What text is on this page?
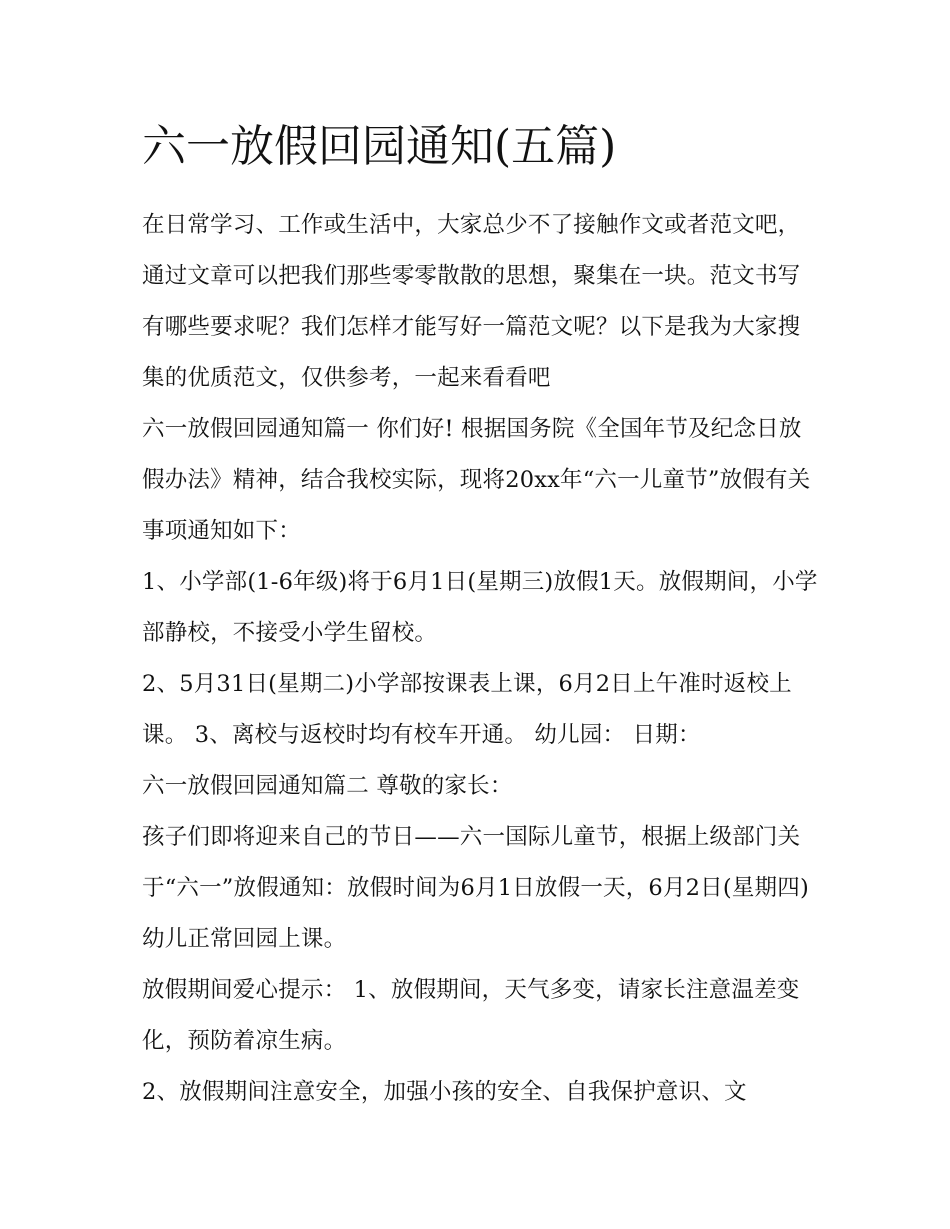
六一放假回园通知(五篇)

在日常学习、工作或生活中，大家总少不了接触作文或者范文吧，通过文章可以把我们那些零零散散的思想，聚集在一块。范文书写有哪些要求呢？我们怎样才能写好一篇范文呢？以下是我为大家搜集的优质范文，仅供参考，一起来看看吧

六一放假回园通知篇一 你们好! 根据国务院《全国年节及纪念日放假办法》精神，结合我校实际，现将20xx年“六一儿童节”放假有关事项通知如下：

1、小学部(1-6年级)将于6月1日(星期三)放假1天。放假期间，小学部静校，不接受小学生留校。

2、5月31日(星期二)小学部按课表上课，6月2日上午准时返校上课。 3、离校与返校时均有校车开通。 幼儿园： 日期：

六一放假回园通知篇二 尊敬的家长：

孩子们即将迎来自己的节日——六一国际儿童节，根据上级部门关于“六一”放假通知：放假时间为6月1日放假一天，6月2日(星期四)幼儿正常回园上课。

放假期间爱心提示： 1、放假期间，天气多变，请家长注意温差变化，预防着凉生病。

2、放假期间注意安全，加强小孩的安全、自我保护意识、文
